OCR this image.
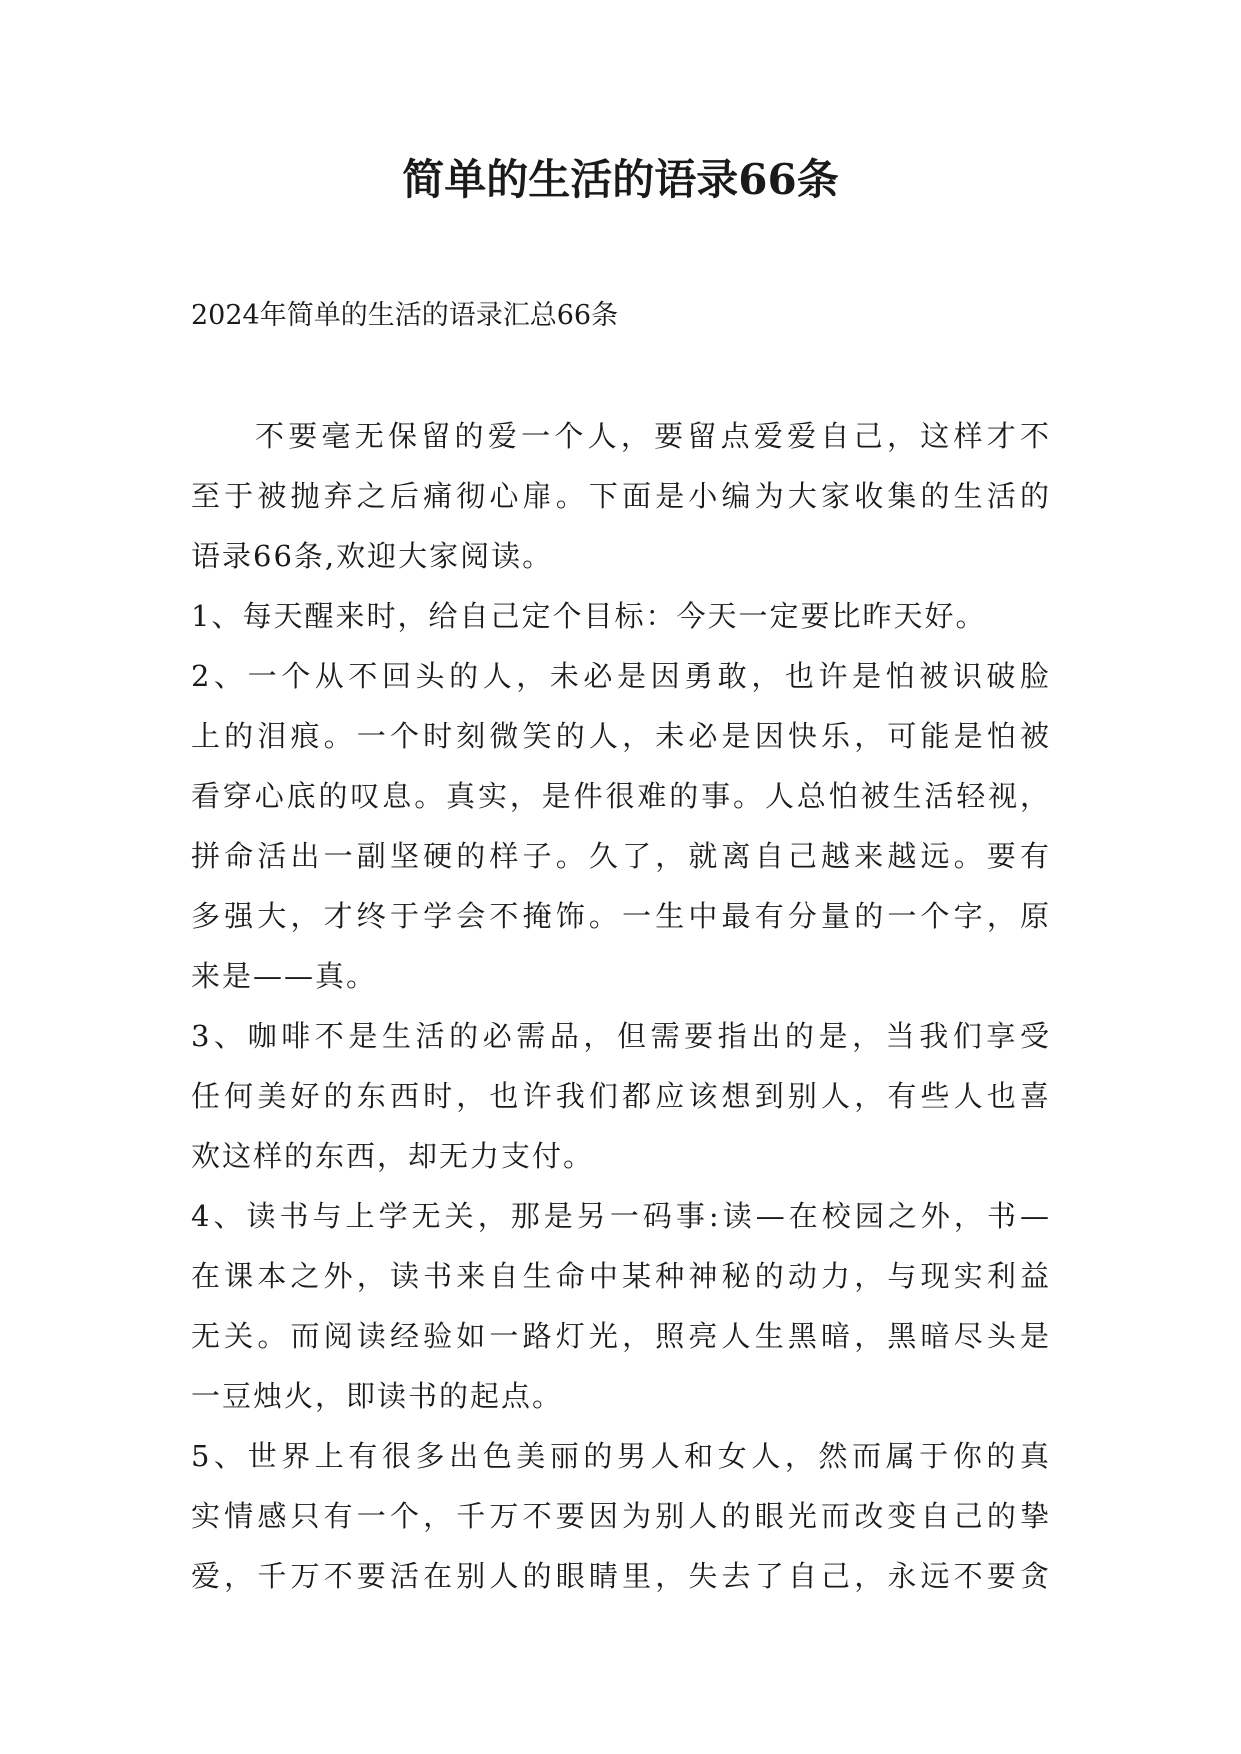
简单的生活的语录66条

2024年简单的生活的语录汇总66条

不要毫无保留的爱一个人，要留点爱爱自己，这样才不
至于被抛弃之后痛彻心扉。下面是小编为大家收集的生活的
语录66条,欢迎大家阅读。
1、每天醒来时，给自己定个目标：今天一定要比昨天好。
2、一个从不回头的人，未必是因勇敢，也许是怕被识破脸
上的泪痕。一个时刻微笑的人，未必是因快乐，可能是怕被
看穿心底的叹息。真实，是件很难的事。人总怕被生活轻视，
拼命活出一副坚硬的样子。久了，就离自己越来越远。要有
多强大，才终于学会不掩饰。一生中最有分量的一个字，原
来是——真。
3、咖啡不是生活的必需品，但需要指出的是，当我们享受
任何美好的东西时，也许我们都应该想到别人，有些人也喜
欢这样的东西，却无力支付。
4、读书与上学无关，那是另一码事:读—在校园之外，书—
在课本之外，读书来自生命中某种神秘的动力，与现实利益
无关。而阅读经验如一路灯光，照亮人生黑暗，黑暗尽头是
一豆烛火，即读书的起点。
5、世界上有很多出色美丽的男人和女人，然而属于你的真
实情感只有一个，千万不要因为别人的眼光而改变自己的挚
爱，千万不要活在别人的眼睛里，失去了自己，永远不要贪
